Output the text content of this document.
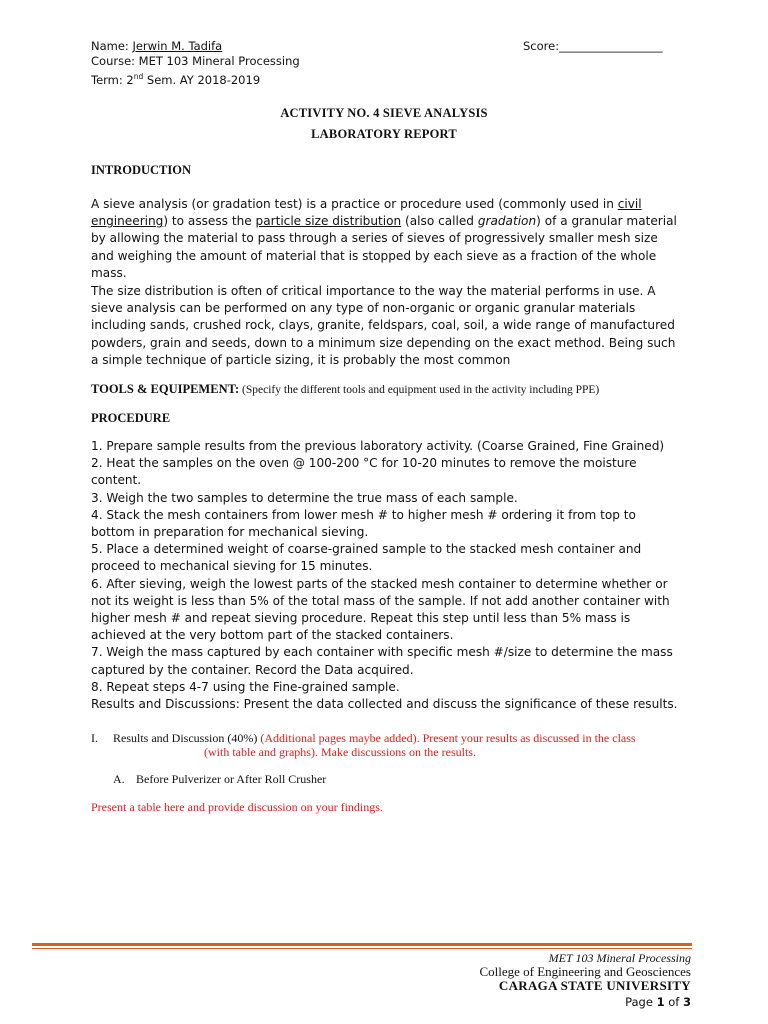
Name: Jerwin M. Tadifa	Score:__________________
Course: MET 103 Mineral Processing
Term: 2nd Sem. AY 2018-2019
ACTIVITY NO. 4 SIEVE ANALYSIS
LABORATORY REPORT
INTRODUCTION
A sieve analysis (or gradation test) is a practice or procedure used (commonly used in civil
engineering) to assess the particle size distribution (also called gradation) of a granular material
by allowing the material to pass through a series of sieves of progressively smaller mesh size
and weighing the amount of material that is stopped by each sieve as a fraction of the whole
mass.
The size distribution is often of critical importance to the way the material performs in use. A
sieve analysis can be performed on any type of non-organic or organic granular materials
including sands, crushed rock, clays, granite, feldspars, coal, soil, a wide range of manufactured
powders, grain and seeds, down to a minimum size depending on the exact method. Being such
a simple technique of particle sizing, it is probably the most common
TOOLS & EQUIPEMENT: (Specify the different tools and equipment used in the activity including PPE)
PROCEDURE
1. Prepare sample results from the previous laboratory activity. (Coarse Grained, Fine Grained)
2. Heat the samples on the oven @ 100-200 °C for 10-20 minutes to remove the moisture
content.
3. Weigh the two samples to determine the true mass of each sample.
4. Stack the mesh containers from lower mesh # to higher mesh # ordering it from top to
bottom in preparation for mechanical sieving.
5. Place a determined weight of coarse-grained sample to the stacked mesh container and
proceed to mechanical sieving for 15 minutes.
6. After sieving, weigh the lowest parts of the stacked mesh container to determine whether or
not its weight is less than 5% of the total mass of the sample. If not add another container with
higher mesh # and repeat sieving procedure. Repeat this step until less than 5% mass is
achieved at the very bottom part of the stacked containers.
7. Weigh the mass captured by each container with specific mesh #/size to determine the mass
captured by the container. Record the Data acquired.
8. Repeat steps 4-7 using the Fine-grained sample.
Results and Discussions: Present the data collected and discuss the significance of these results.
I. Results and Discussion (40%) (Additional pages maybe added). Present your results as discussed in the class
(with table and graphs). Make discussions on the results.
A. Before Pulverizer or After Roll Crusher
Present a table here and provide discussion on your findings.
MET 103 Mineral Processing
College of Engineering and Geosciences
CARAGA STATE UNIVERSITY
Page 1 of 3
